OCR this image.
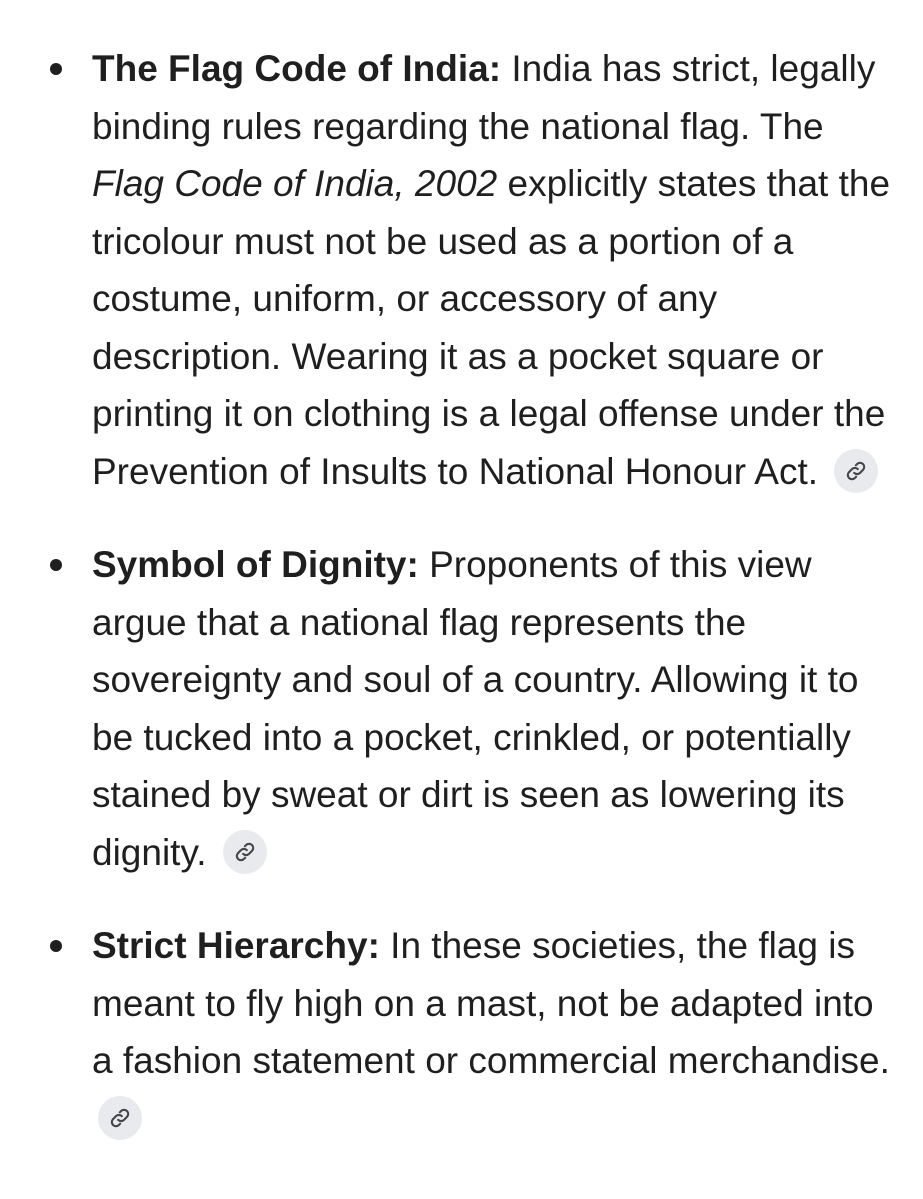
The Flag Code of India: India has strict, legally binding rules regarding the national flag. The Flag Code of India, 2002 explicitly states that the tricolour must not be used as a portion of a costume, uniform, or accessory of any description. Wearing it as a pocket square or printing it on clothing is a legal offense under the Prevention of Insults to National Honour Act.
Symbol of Dignity: Proponents of this view argue that a national flag represents the sovereignty and soul of a country. Allowing it to be tucked into a pocket, crinkled, or potentially stained by sweat or dirt is seen as lowering its dignity.
Strict Hierarchy: In these societies, the flag is meant to fly high on a mast, not be adapted into a fashion statement or commercial merchandise.
